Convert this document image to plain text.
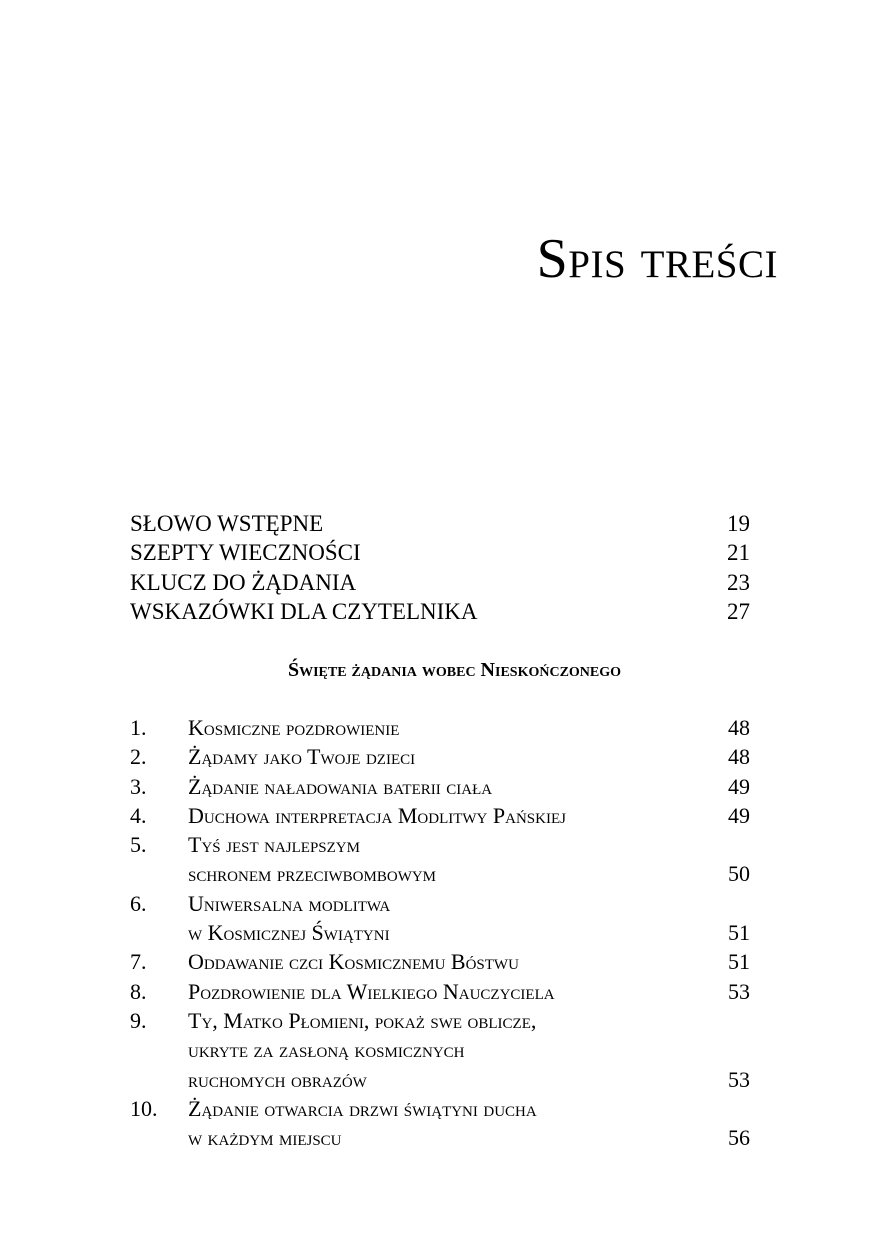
Spis treści
SŁOWO WSTĘPNE	19
SZEPTY WIECZNOŚCI	21
KLUCZ DO ŻĄDANIA	23
WSKAZÓWKI DLA CZYTELNIKA	27
Święte żądania wobec Nieskończonego
1.	Kosmiczne pozdrowienie	48
2.	Żądamy jako Twoje dzieci	48
3.	Żądanie naładowania baterii ciała	49
4.	Duchowa interpretacja Modlitwy Pańskiej	49
5.	Tyś jest najlepszym
schronem przeciwbombowym	50
6.	Uniwersalna modlitwa
w Kosmicznej Świątyni	51
7.	Oddawanie czci Kosmicznemu Bóstwu	51
8.	Pozdrowienie dla Wielkiego Nauczyciela	53
9.	Ty, Matko Płomieni, pokaż swe oblicze,
ukryte za zasłoną kosmicznych
ruchomych obrazów	53
10.	Żądanie otwarcia drzwi świątyni ducha
w każdym miejscu	56
